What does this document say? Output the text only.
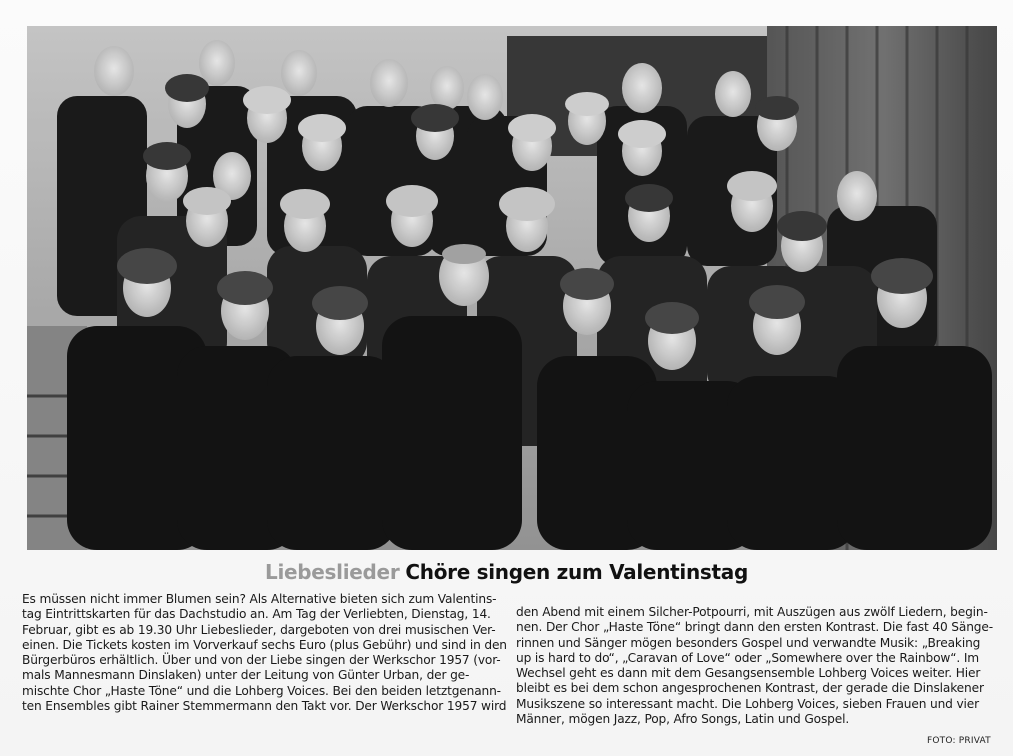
Liebeslieder Chöre singen zum Valentinstag
Es müssen nicht immer Blumen sein? Als Alternative bieten sich zum Valentins-
tag Eintrittskarten für das Dachstudio an. Am Tag der Verliebten, Dienstag, 14.
Februar, gibt es ab 19.30 Uhr Liebeslieder, dargeboten von drei musischen Ver-
einen. Die Tickets kosten im Vorverkauf sechs Euro (plus Gebühr) und sind in den
Bürgerbüros erhältlich. Über und von der Liebe singen der Werkschor 1957 (vor-
mals Mannesmann Dinslaken) unter der Leitung von Günter Urban, der ge-
mischte Chor „Haste Töne“ und die Lohberg Voices. Bei den beiden letztgenann-
ten Ensembles gibt Rainer Stemmermann den Takt vor. Der Werkschor 1957 wird
den Abend mit einem Silcher-Potpourri, mit Auszügen aus zwölf Liedern, begin-
nen. Der Chor „Haste Töne“ bringt dann den ersten Kontrast. Die fast 40 Sänge-
rinnen und Sänger mögen besonders Gospel und verwandte Musik: „Breaking
up is hard to do“, „Caravan of Love“ oder „Somewhere over the Rainbow“. Im
Wechsel geht es dann mit dem Gesangsensemble Lohberg Voices weiter. Hier
bleibt es bei dem schon angesprochenen Kontrast, der gerade die Dinslakener
Musikszene so interessant macht. Die Lohberg Voices, sieben Frauen und vier
Männer, mögen Jazz, Pop, Afro Songs, Latin und Gospel.
FOTO: PRIVAT
